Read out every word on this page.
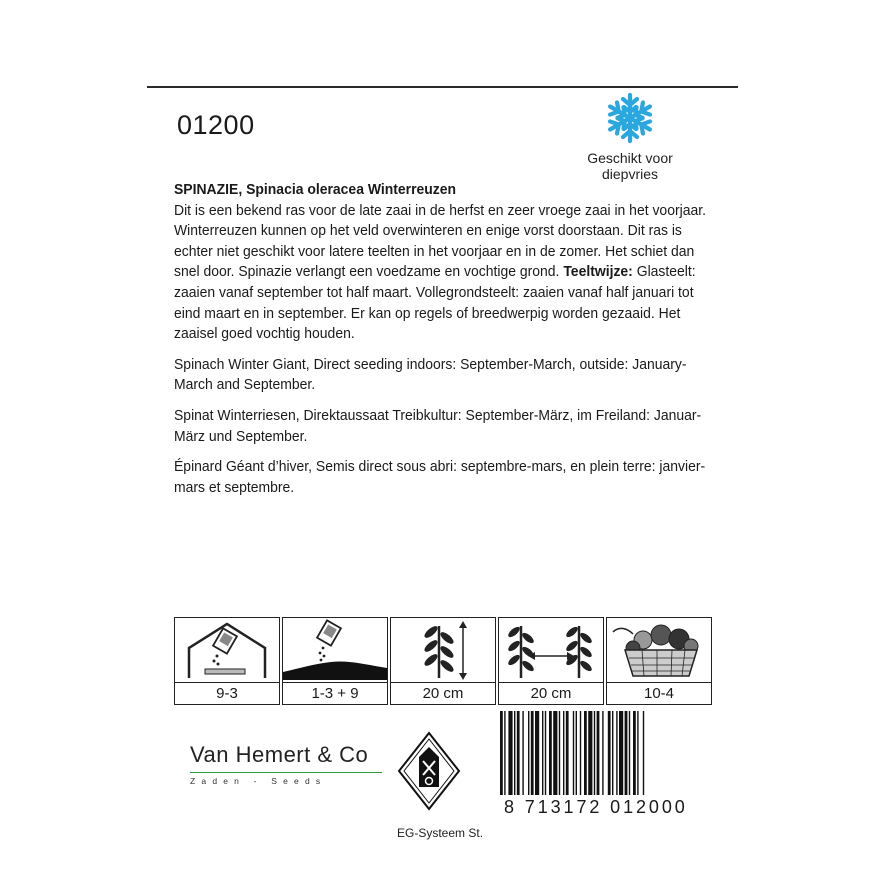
01200
Geschikt voor
diepvries

SPINAZIE, Spinacia oleracea Winterreuzen
Dit is een bekend ras voor de late zaai in de herfst en zeer vroege zaai in het voorjaar. Winterreuzen kunnen op het veld overwinteren en enige vorst doorstaan. Dit ras is echter niet geschikt voor latere teelten in het voorjaar en in de zomer. Het schiet dan snel door. Spinazie verlangt een voedzame en vochtige grond. Teeltwijze: Glasteelt: zaaien vanaf september tot half maart. Vollegrondsteelt: zaaien vanaf half januari tot eind maart en in september. Er kan op regels of breedwerpig worden gezaaid. Het zaaisel goed vochtig houden.

Spinach Winter Giant, Direct seeding indoors: September-March, outside: January-March and September.

Spinat Winterriesen, Direktaussaat Treibkultur: September-März, im Freiland: Januar-März und September.

Épinard Géant d’hiver, Semis direct sous abri: septembre-mars, en plein terre: janvier-mars et septembre.

9-3	1-3 + 9	20 cm	20 cm	10-4
Van Hemert & Co
Zaden - Seeds
8 713172 012000
EG-Systeem St.
